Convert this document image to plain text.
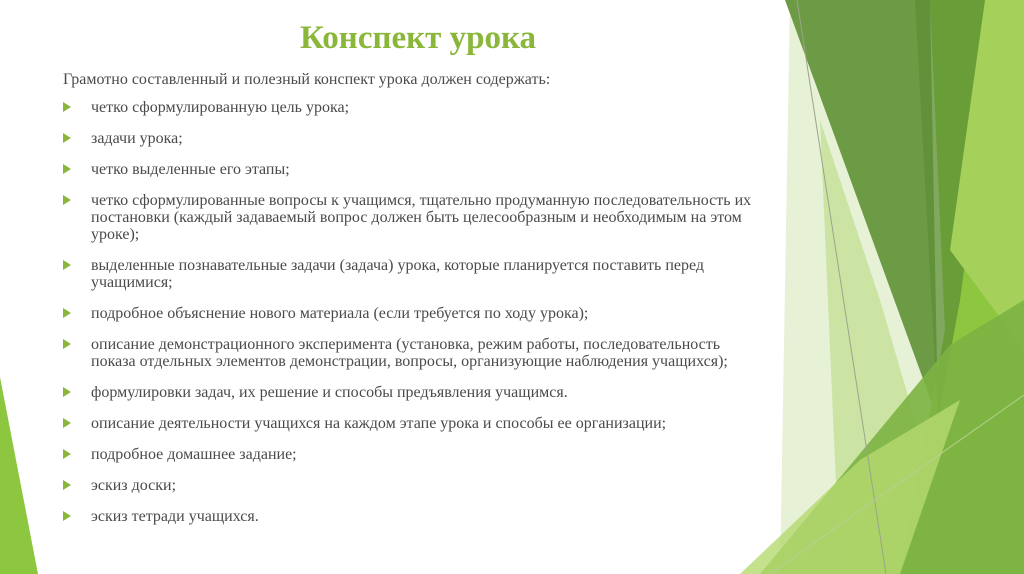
Конспект урока

Грамотно составленный и полезный конспект урока должен содержать:

четко сформулированную цель урока;
задачи урока;
четко выделенные его этапы;
четко сформулированные вопросы к учащимся, тщательно продуманную последовательность их постановки (каждый задаваемый вопрос должен быть целесообразным и необходимым на этом уроке);
выделенные познавательные задачи (задача) урока, которые планируется поставить перед учащимися;
подробное объяснение нового материала (если требуется по ходу урока);
описание демонстрационного эксперимента (установка, режим работы, последовательность показа отдельных элементов демонстрации, вопросы, организующие наблюдения учащихся);
формулировки задач, их решение и способы предъявления учащимся.
описание деятельности учащихся на каждом этапе урока и способы ее организации;
подробное домашнее задание;
эскиз доски;
эскиз тетради учащихся.
